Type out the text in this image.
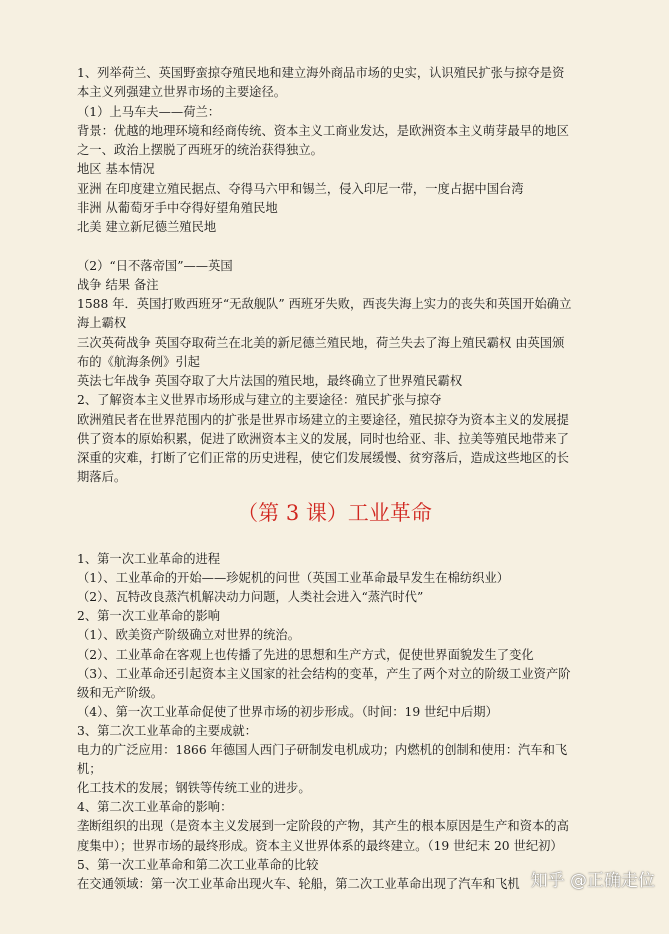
1、列举荷兰、英国野蛮掠夺殖民地和建立海外商品市场的史实，认识殖民扩张与掠夺是资
本主义列强建立世界市场的主要途径。
（1）上马车夫——荷兰：
背景：优越的地理环境和经商传统、资本主义工商业发达，是欧洲资本主义萌芽最早的地区
之一、政治上摆脱了西班牙的统治获得独立。
地区 基本情况
亚洲 在印度建立殖民据点、夺得马六甲和锡兰，侵入印尼一带，一度占据中国台湾
非洲 从葡萄牙手中夺得好望角殖民地
北美 建立新尼德兰殖民地
（2）“日不落帝国”——英国
战争 结果 备注
1588 年．英国打败西班牙“无敌舰队” 西班牙失败，西丧失海上实力的丧失和英国开始确立
海上霸权
三次英荷战争 英国夺取荷兰在北美的新尼德兰殖民地，荷兰失去了海上殖民霸权 由英国颁
布的《航海条例》引起
英法七年战争 英国夺取了大片法国的殖民地，最终确立了世界殖民霸权
2、了解资本主义世界市场形成与建立的主要途径：殖民扩张与掠夺
欧洲殖民者在世界范围内的扩张是世界市场建立的主要途径，殖民掠夺为资本主义的发展提
供了资本的原始积累，促进了欧洲资本主义的发展，同时也给亚、非、拉美等殖民地带来了
深重的灾难，打断了它们正常的历史进程，使它们发展缓慢、贫穷落后，造成这些地区的长
期落后。
（第 3 课）工业革命
1、第一次工业革命的进程
（1）、工业革命的开始——珍妮机的问世（英国工业革命最早发生在棉纺织业）
（2）、瓦特改良蒸汽机解决动力问题，人类社会进入“蒸汽时代”
2、第一次工业革命的影响
（1）、欧美资产阶级确立对世界的统治。
（2）、工业革命在客观上也传播了先进的思想和生产方式，促使世界面貌发生了变化
（3）、工业革命还引起资本主义国家的社会结构的变革，产生了两个对立的阶级工业资产阶
级和无产阶级。
（4）、第一次工业革命促使了世界市场的初步形成。（时间：19 世纪中后期）
3、第二次工业革命的主要成就：
电力的广泛应用：1866 年德国人西门子研制发电机成功；内燃机的创制和使用：汽车和飞
机；
化工技术的发展；钢铁等传统工业的进步。
4、第二次工业革命的影响：
垄断组织的出现（是资本主义发展到一定阶段的产物，其产生的根本原因是生产和资本的高
度集中）；世界市场的最终形成。资本主义世界体系的最终建立。（19 世纪末 20 世纪初）
5、第一次工业革命和第二次工业革命的比较
在交通领域：第一次工业革命出现火车、轮船，第二次工业革命出现了汽车和飞机 知乎 @正确走位
